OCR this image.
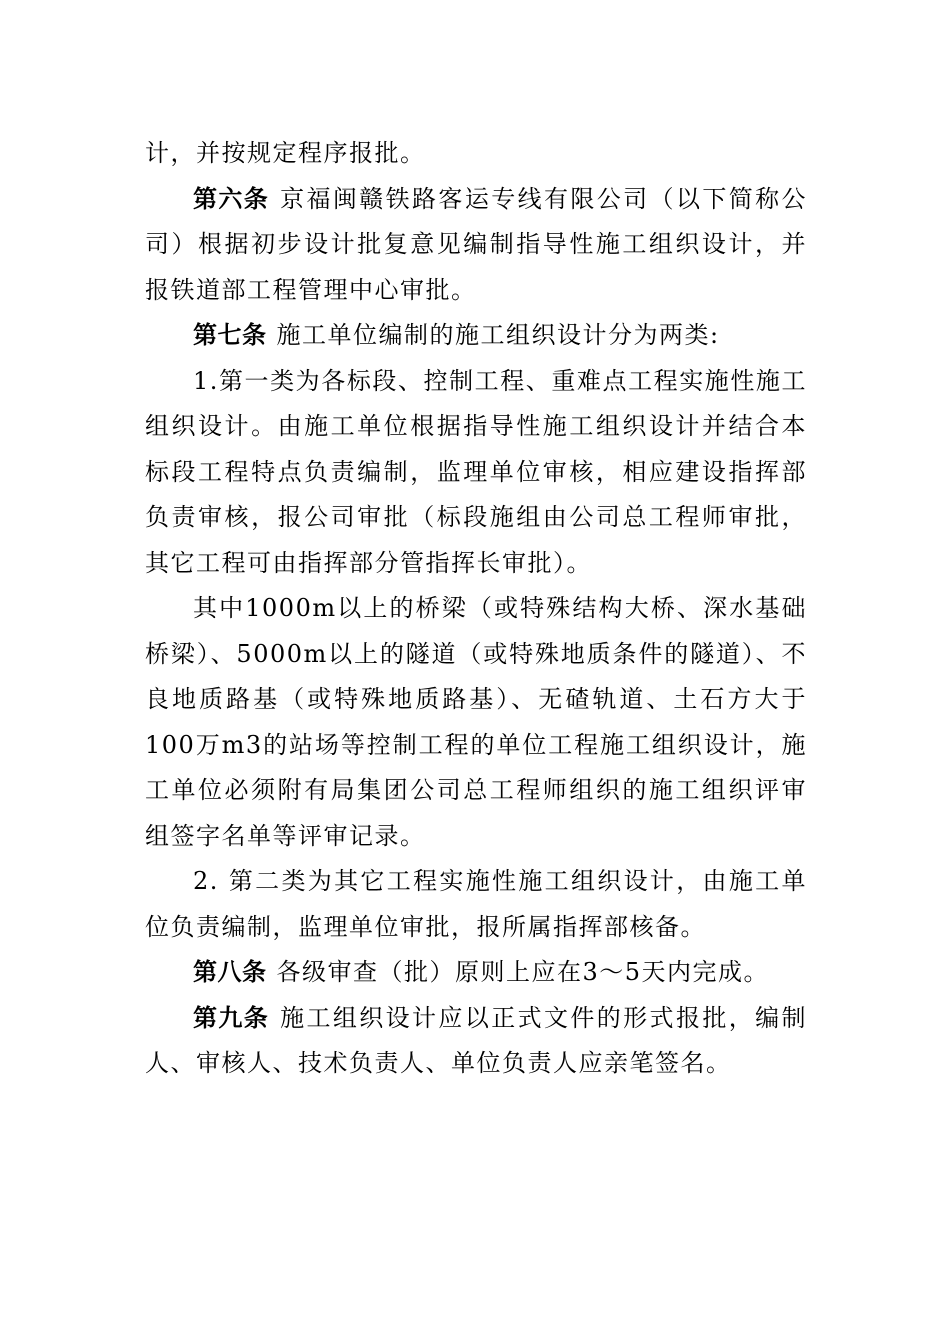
计，并按规定程序报批。

第六条 京福闽赣铁路客运专线有限公司（以下简称公司）根据初步设计批复意见编制指导性施工组织设计，并报铁道部工程管理中心审批。

第七条 施工单位编制的施工组织设计分为两类:

1.第一类为各标段、控制工程、重难点工程实施性施工组织设计。由施工单位根据指导性施工组织设计并结合本标段工程特点负责编制，监理单位审核，相应建设指挥部负责审核，报公司审批（标段施组由公司总工程师审批，其它工程可由指挥部分管指挥长审批）。

其中1000m以上的桥梁（或特殊结构大桥、深水基础桥梁）、5000m以上的隧道（或特殊地质条件的隧道）、不良地质路基（或特殊地质路基）、无碴轨道、土石方大于100万m3的站场等控制工程的单位工程施工组织设计，施工单位必须附有局集团公司总工程师组织的施工组织评审组签字名单等评审记录。

2. 第二类为其它工程实施性施工组织设计，由施工单位负责编制，监理单位审批，报所属指挥部核备。

第八条 各级审查（批）原则上应在3～5天内完成。

第九条 施工组织设计应以正式文件的形式报批，编制人、审核人、技术负责人、单位负责人应亲笔签名。
